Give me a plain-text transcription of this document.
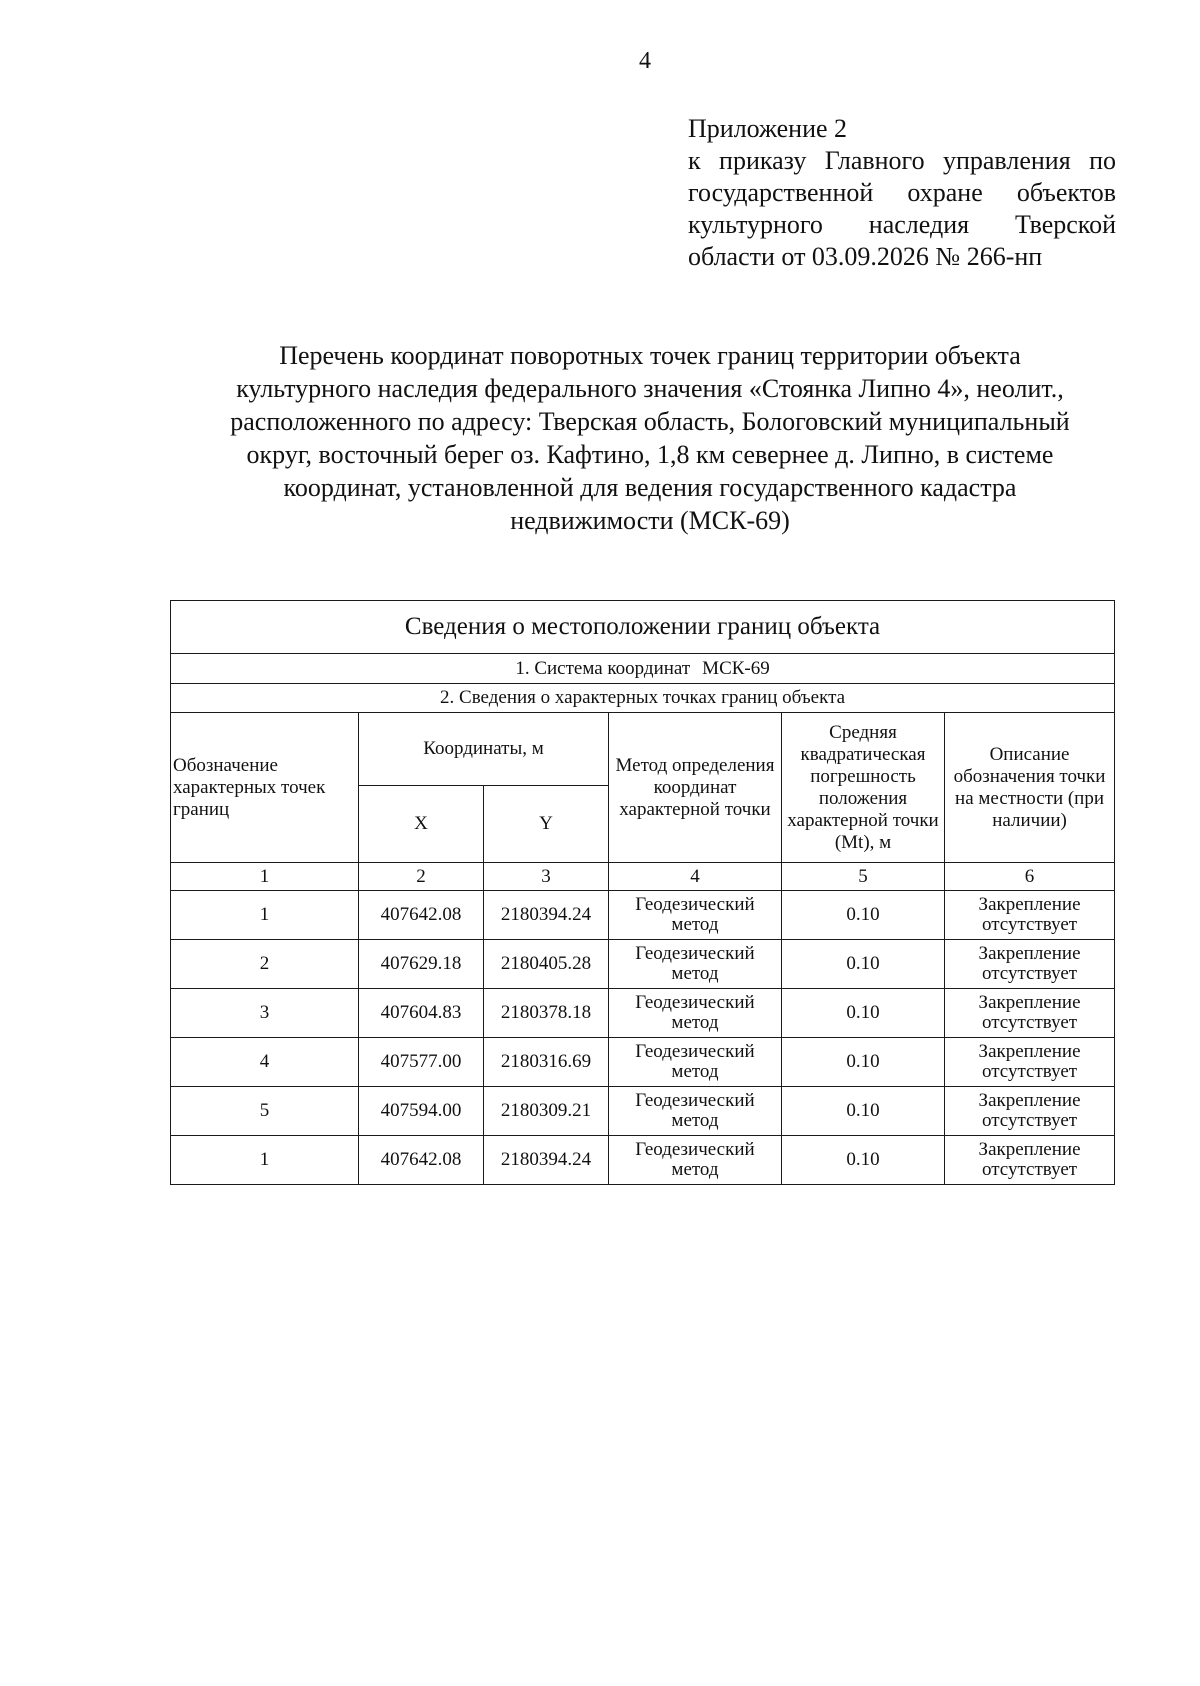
4
Приложение 2
к приказу Главного управления по государственной охране объектов культурного наследия Тверской области от 03.09.2026 № 266-нп
Перечень координат поворотных точек границ территории объекта
культурного наследия федерального значения «Стоянка Липно 4», неолит.,
расположенного по адресу: Тверская область, Бологовский муниципальный
округ, восточный берег оз. Кафтино, 1,8 км севернее д. Липно, в системе
координат, установленной для ведения государственного кадастра
недвижимости (МСК-69)
Сведения о местоположении границ объекта					
1. Система координат МСК-69					
2. Сведения о характерных точках границ объекта					
Обозначение характерных точек границ	Координаты, м		Метод определения координат характерной точки	Средняя квадратическая погрешность положения характерной точки (Mt), м	Описание обозначения точки на местности (при наличии)
	X	Y			
1	2	3	4	5	6
1	407642.08	2180394.24	Геодезический метод	0.10	Закрепление отсутствует
2	407629.18	2180405.28	Геодезический метод	0.10	Закрепление отсутствует
3	407604.83	2180378.18	Геодезический метод	0.10	Закрепление отсутствует
4	407577.00	2180316.69	Геодезический метод	0.10	Закрепление отсутствует
5	407594.00	2180309.21	Геодезический метод	0.10	Закрепление отсутствует
1	407642.08	2180394.24	Геодезический метод	0.10	Закрепление отсутствует
